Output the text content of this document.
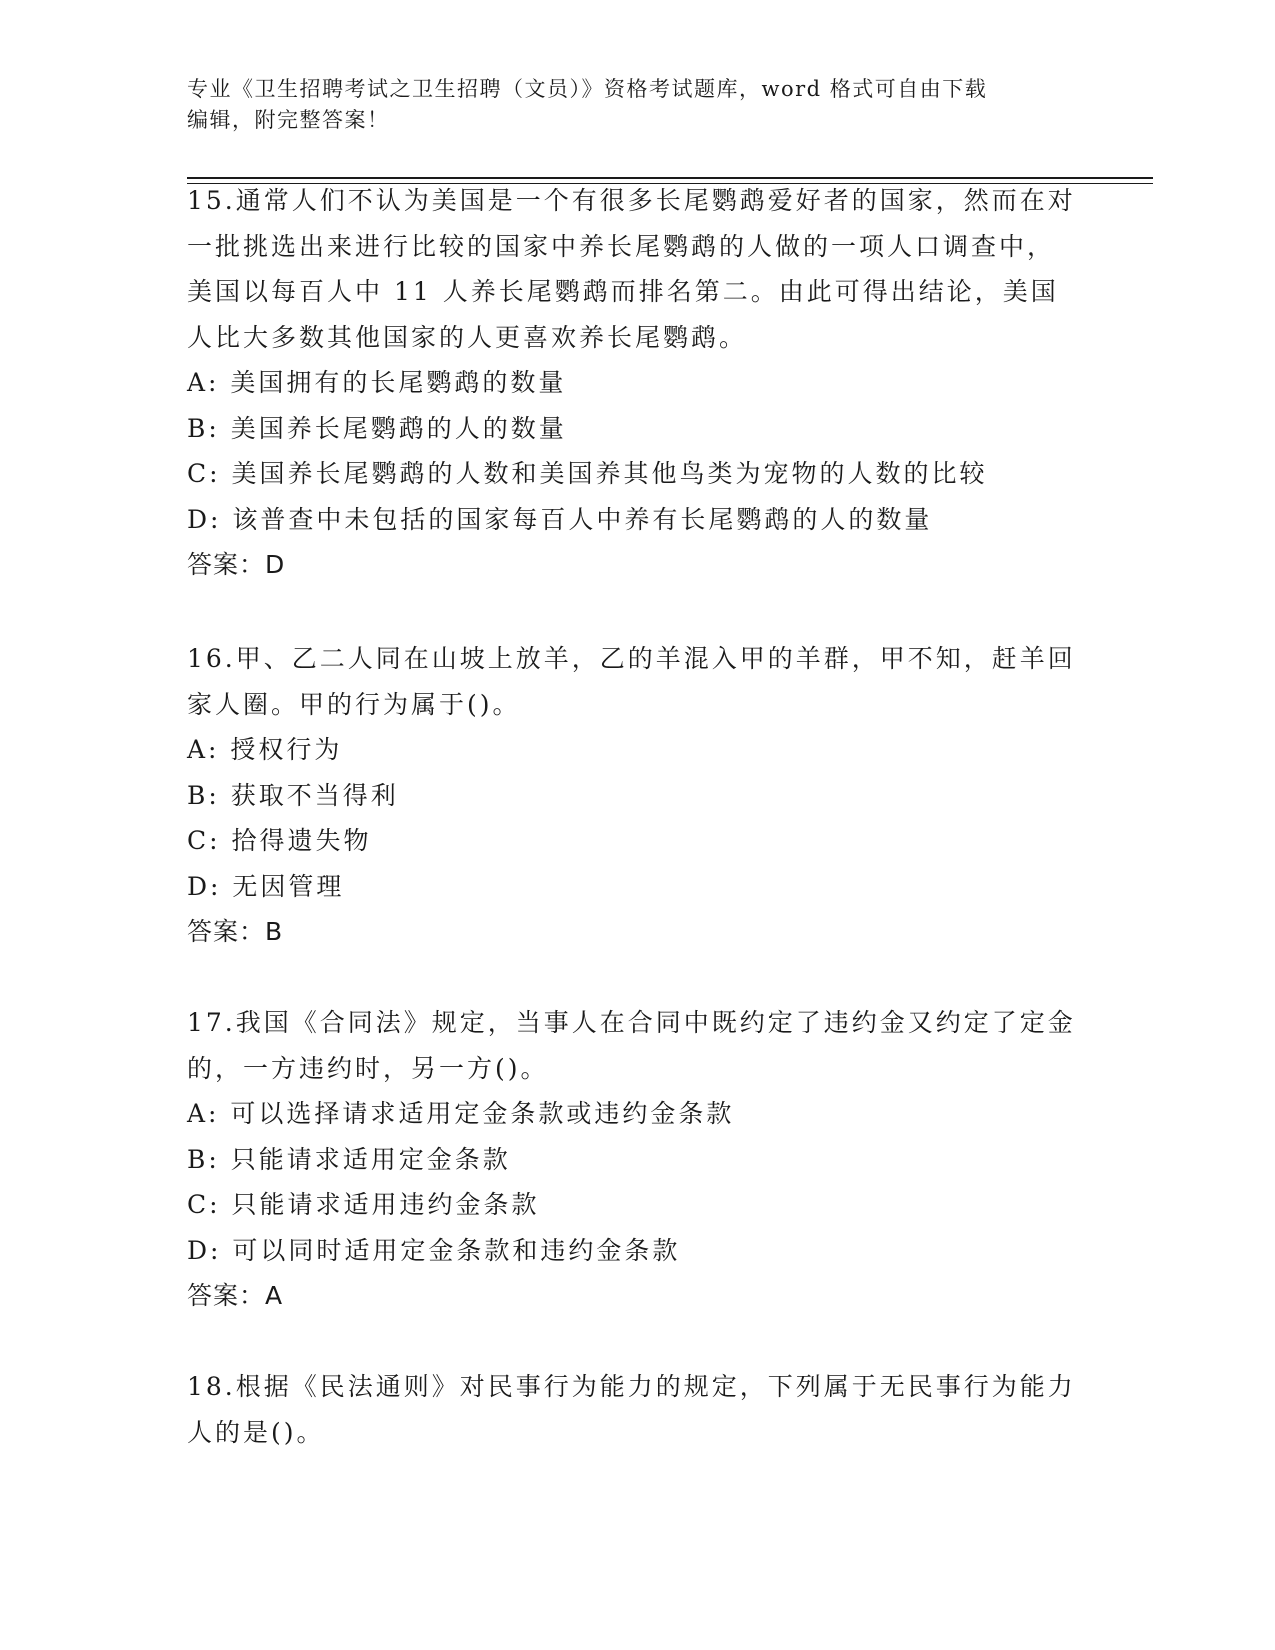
专业《卫生招聘考试之卫生招聘（文员）》资格考试题库，word 格式可自由下载
编辑，附完整答案！
15.通常人们不认为美国是一个有很多长尾鹦鹉爱好者的国家，然而在对一批挑选出来进行比较的国家中养长尾鹦鹉的人做的一项人口调查中，美国以每百人中 11 人养长尾鹦鹉而排名第二。由此可得出结论，美国人比大多数其他国家的人更喜欢养长尾鹦鹉。
A: 美国拥有的长尾鹦鹉的数量
B: 美国养长尾鹦鹉的人的数量
C: 美国养长尾鹦鹉的人数和美国养其他鸟类为宠物的人数的比较
D: 该普查中未包括的国家每百人中养有长尾鹦鹉的人的数量
答案：D
16.甲、乙二人同在山坡上放羊，乙的羊混入甲的羊群，甲不知，赶羊回家人圈。甲的行为属于()。
A: 授权行为
B: 获取不当得利
C: 拾得遗失物
D: 无因管理
答案：B
17.我国《合同法》规定，当事人在合同中既约定了违约金又约定了定金的，一方违约时，另一方()。
A: 可以选择请求适用定金条款或违约金条款
B: 只能请求适用定金条款
C: 只能请求适用违约金条款
D: 可以同时适用定金条款和违约金条款
答案：A
18.根据《民法通则》对民事行为能力的规定，下列属于无民事行为能力人的是()。
